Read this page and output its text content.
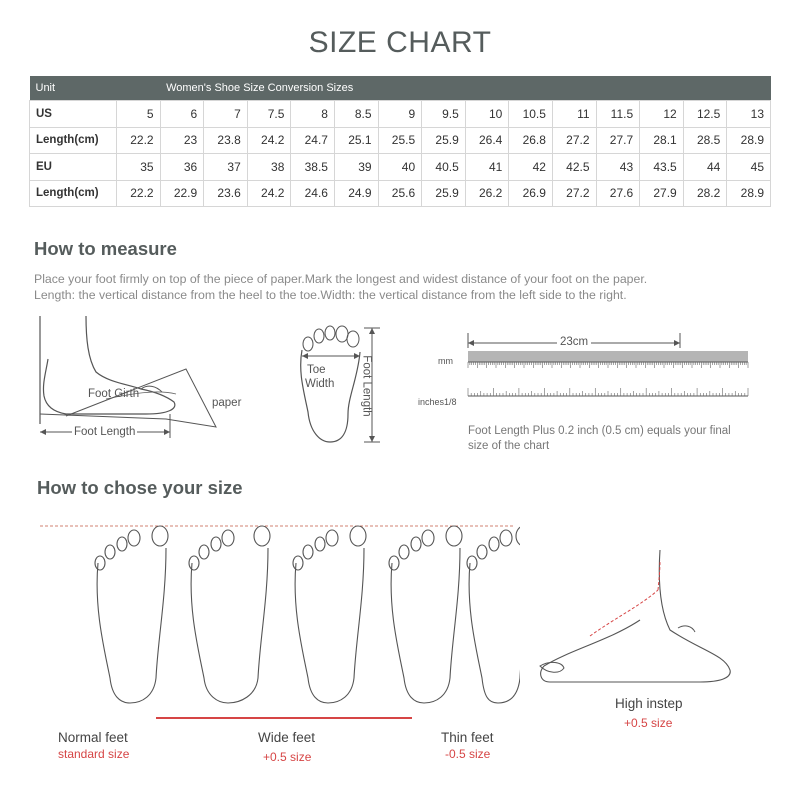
SIZE CHART
Unit		Women's Shoe Size Conversion Sizes													
US	5	6	7	7.5	8	8.5	9	9.5	10	10.5	11	11.5	12	12.5	13
Length(cm)	22.2	23	23.8	24.2	24.7	25.1	25.5	25.9	26.4	26.8	27.2	27.7	28.1	28.5	28.9
EU	35	36	37	38	38.5	39	40	40.5	41	42	42.5	43	43.5	44	45
Length(cm)	22.2	22.9	23.6	24.2	24.6	24.9	25.6	25.9	26.2	26.9	27.2	27.6	27.9	28.2	28.9
How to measure
Place your foot firmly on top of the piece of paper.Mark the longest and widest distance of your foot on the paper.
Length: the vertical distance from the heel to the toe.Width: the vertical distance from the left side to the right.
Foot Girth
paper
Foot Length
Toe
Width Foot Length
23cm
mm
inches1/8
Foot Length Plus 0.2 inch (0.5 cm) equals your final
size of the chart
How to chose your size
Normal feet
standard size
Wide feet
+0.5 size
Thin feet
-0.5 size
High instep
+0.5 size
